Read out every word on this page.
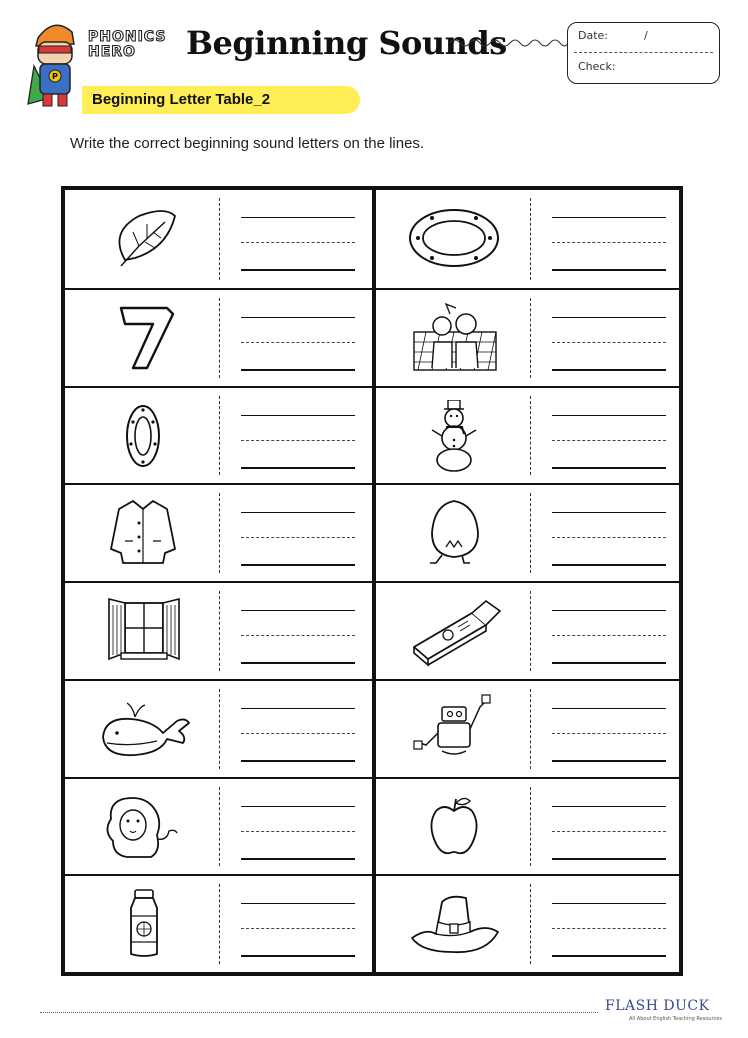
P
PHONICS
HERO	Beginning Sounds	Date:	/
Check:
Beginning Letter Table_2
Write the correct beginning sound letters on the lines.
FLASH DUCK
All About English Teaching Resources
